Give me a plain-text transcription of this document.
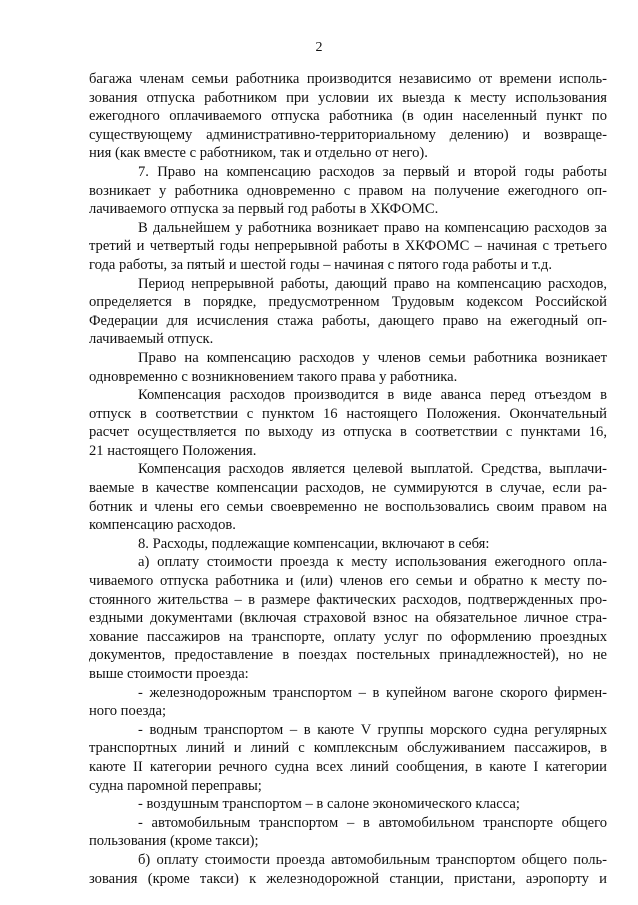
2
багажа членам семьи работника производится независимо от времени исполь-
зования отпуска работником при условии их выезда к месту использования
ежегодного оплачиваемого отпуска работника (в один населенный пункт по
существующему административно-территориальному делению) и возвраще-
ния (как вместе с работником, так и отдельно от него).
7. Право на компенсацию расходов за первый и второй годы работы
возникает у работника одновременно с правом на получение ежегодного оп-
лачиваемого отпуска за первый год работы в ХКФОМС.
В дальнейшем у работника возникает право на компенсацию расходов за
третий и четвертый годы непрерывной работы в ХКФОМС – начиная с третьего
года работы, за пятый и шестой годы – начиная с пятого года работы и т.д.
Период непрерывной работы, дающий право на компенсацию расходов,
определяется в порядке, предусмотренном Трудовым кодексом Российской
Федерации для исчисления стажа работы, дающего право на ежегодный оп-
лачиваемый отпуск.
Право на компенсацию расходов у членов семьи работника возникает
одновременно с возникновением такого права у работника.
Компенсация расходов производится в виде аванса перед отъездом в
отпуск в соответствии с пунктом 16 настоящего Положения. Окончательный
расчет осуществляется по выходу из отпуска в соответствии с пунктами 16,
21 настоящего Положения.
Компенсация расходов является целевой выплатой. Средства, выплачи-
ваемые в качестве компенсации расходов, не суммируются в случае, если ра-
ботник и члены его семьи своевременно не воспользовались своим правом на
компенсацию расходов.
8. Расходы, подлежащие компенсации, включают в себя:
а) оплату стоимости проезда к месту использования ежегодного опла-
чиваемого отпуска работника и (или) членов его семьи и обратно к месту по-
стоянного жительства – в размере фактических расходов, подтвержденных про-
ездными документами (включая страховой взнос на обязательное личное стра-
хование пассажиров на транспорте, оплату услуг по оформлению проездных
документов, предоставление в поездах постельных принадлежностей), но не
выше стоимости проезда:
- железнодорожным транспортом – в купейном вагоне скорого фирмен-
ного поезда;
- водным транспортом – в каюте V группы морского судна регулярных
транспортных линий и линий с комплексным обслуживанием пассажиров, в
каюте II категории речного судна всех линий сообщения, в каюте I категории
судна паромной переправы;
- воздушным транспортом – в салоне экономического класса;
- автомобильным транспортом – в автомобильном транспорте общего
пользования (кроме такси);
б) оплату стоимости проезда автомобильным транспортом общего поль-
зования (кроме такси) к железнодорожной станции, пристани, аэропорту и
